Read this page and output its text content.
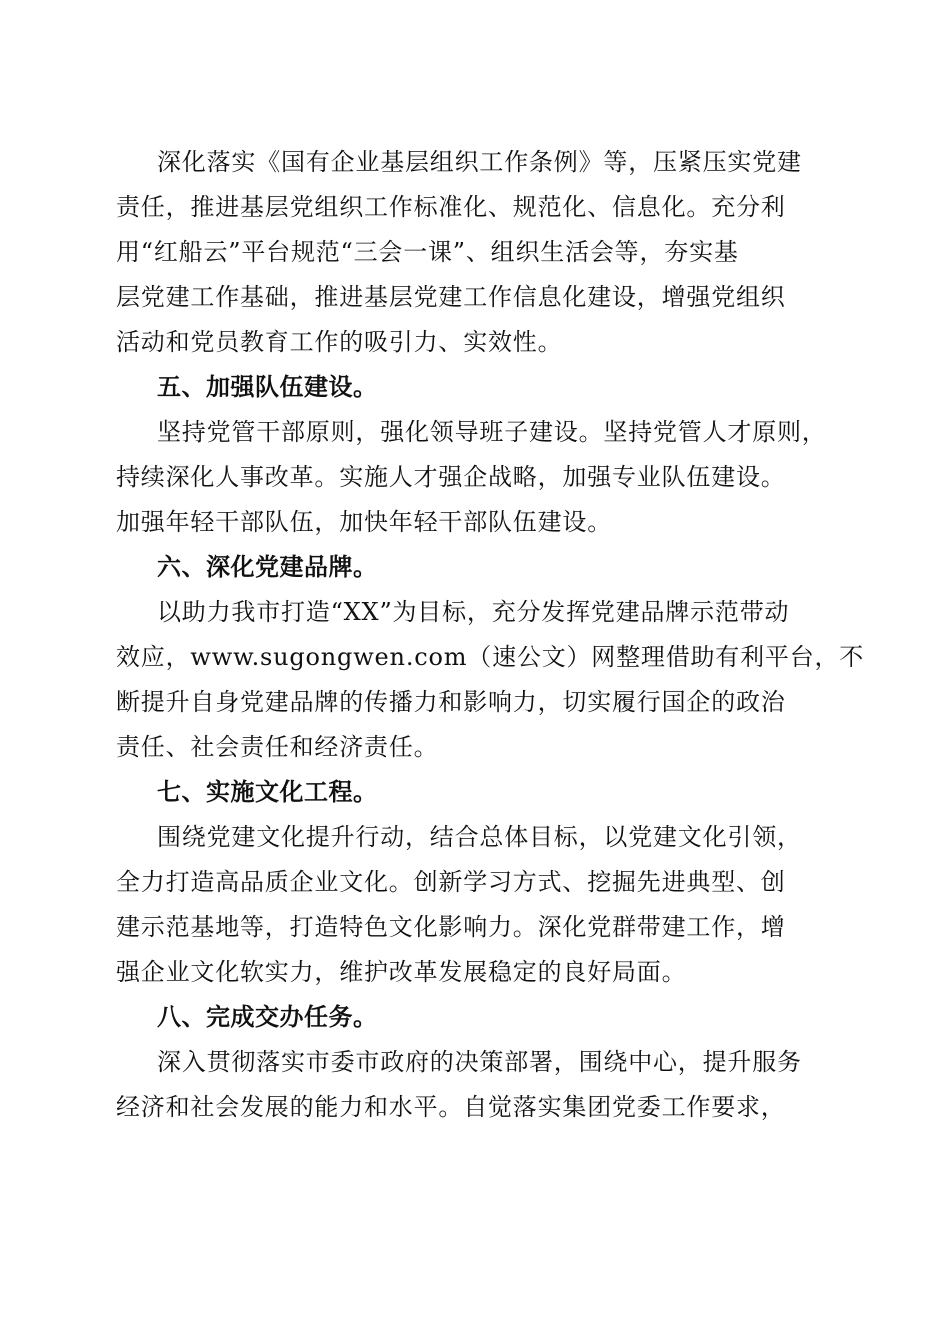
深化落实《国有企业基层组织工作条例》等，压紧压实党建
责任，推进基层党组织工作标准化、规范化、信息化。充分利
用“红船云”平台规范“三会一课”、组织生活会等，夯实基
层党建工作基础，推进基层党建工作信息化建设，增强党组织
活动和党员教育工作的吸引力、实效性。
五、加强队伍建设。
坚持党管干部原则，强化领导班子建设。坚持党管人才原则，
持续深化人事改革。实施人才强企战略，加强专业队伍建设。
加强年轻干部队伍，加快年轻干部队伍建设。
六、深化党建品牌。
以助力我市打造“XX”为目标，充分发挥党建品牌示范带动
效应，www.sugongwen.com（速公文）网整理借助有利平台，不
断提升自身党建品牌的传播力和影响力，切实履行国企的政治
责任、社会责任和经济责任。
七、实施文化工程。
围绕党建文化提升行动，结合总体目标，以党建文化引领，
全力打造高品质企业文化。创新学习方式、挖掘先进典型、创
建示范基地等，打造特色文化影响力。深化党群带建工作，增
强企业文化软实力，维护改革发展稳定的良好局面。
八、完成交办任务。
深入贯彻落实市委市政府的决策部署，围绕中心，提升服务
经济和社会发展的能力和水平。自觉落实集团党委工作要求，
